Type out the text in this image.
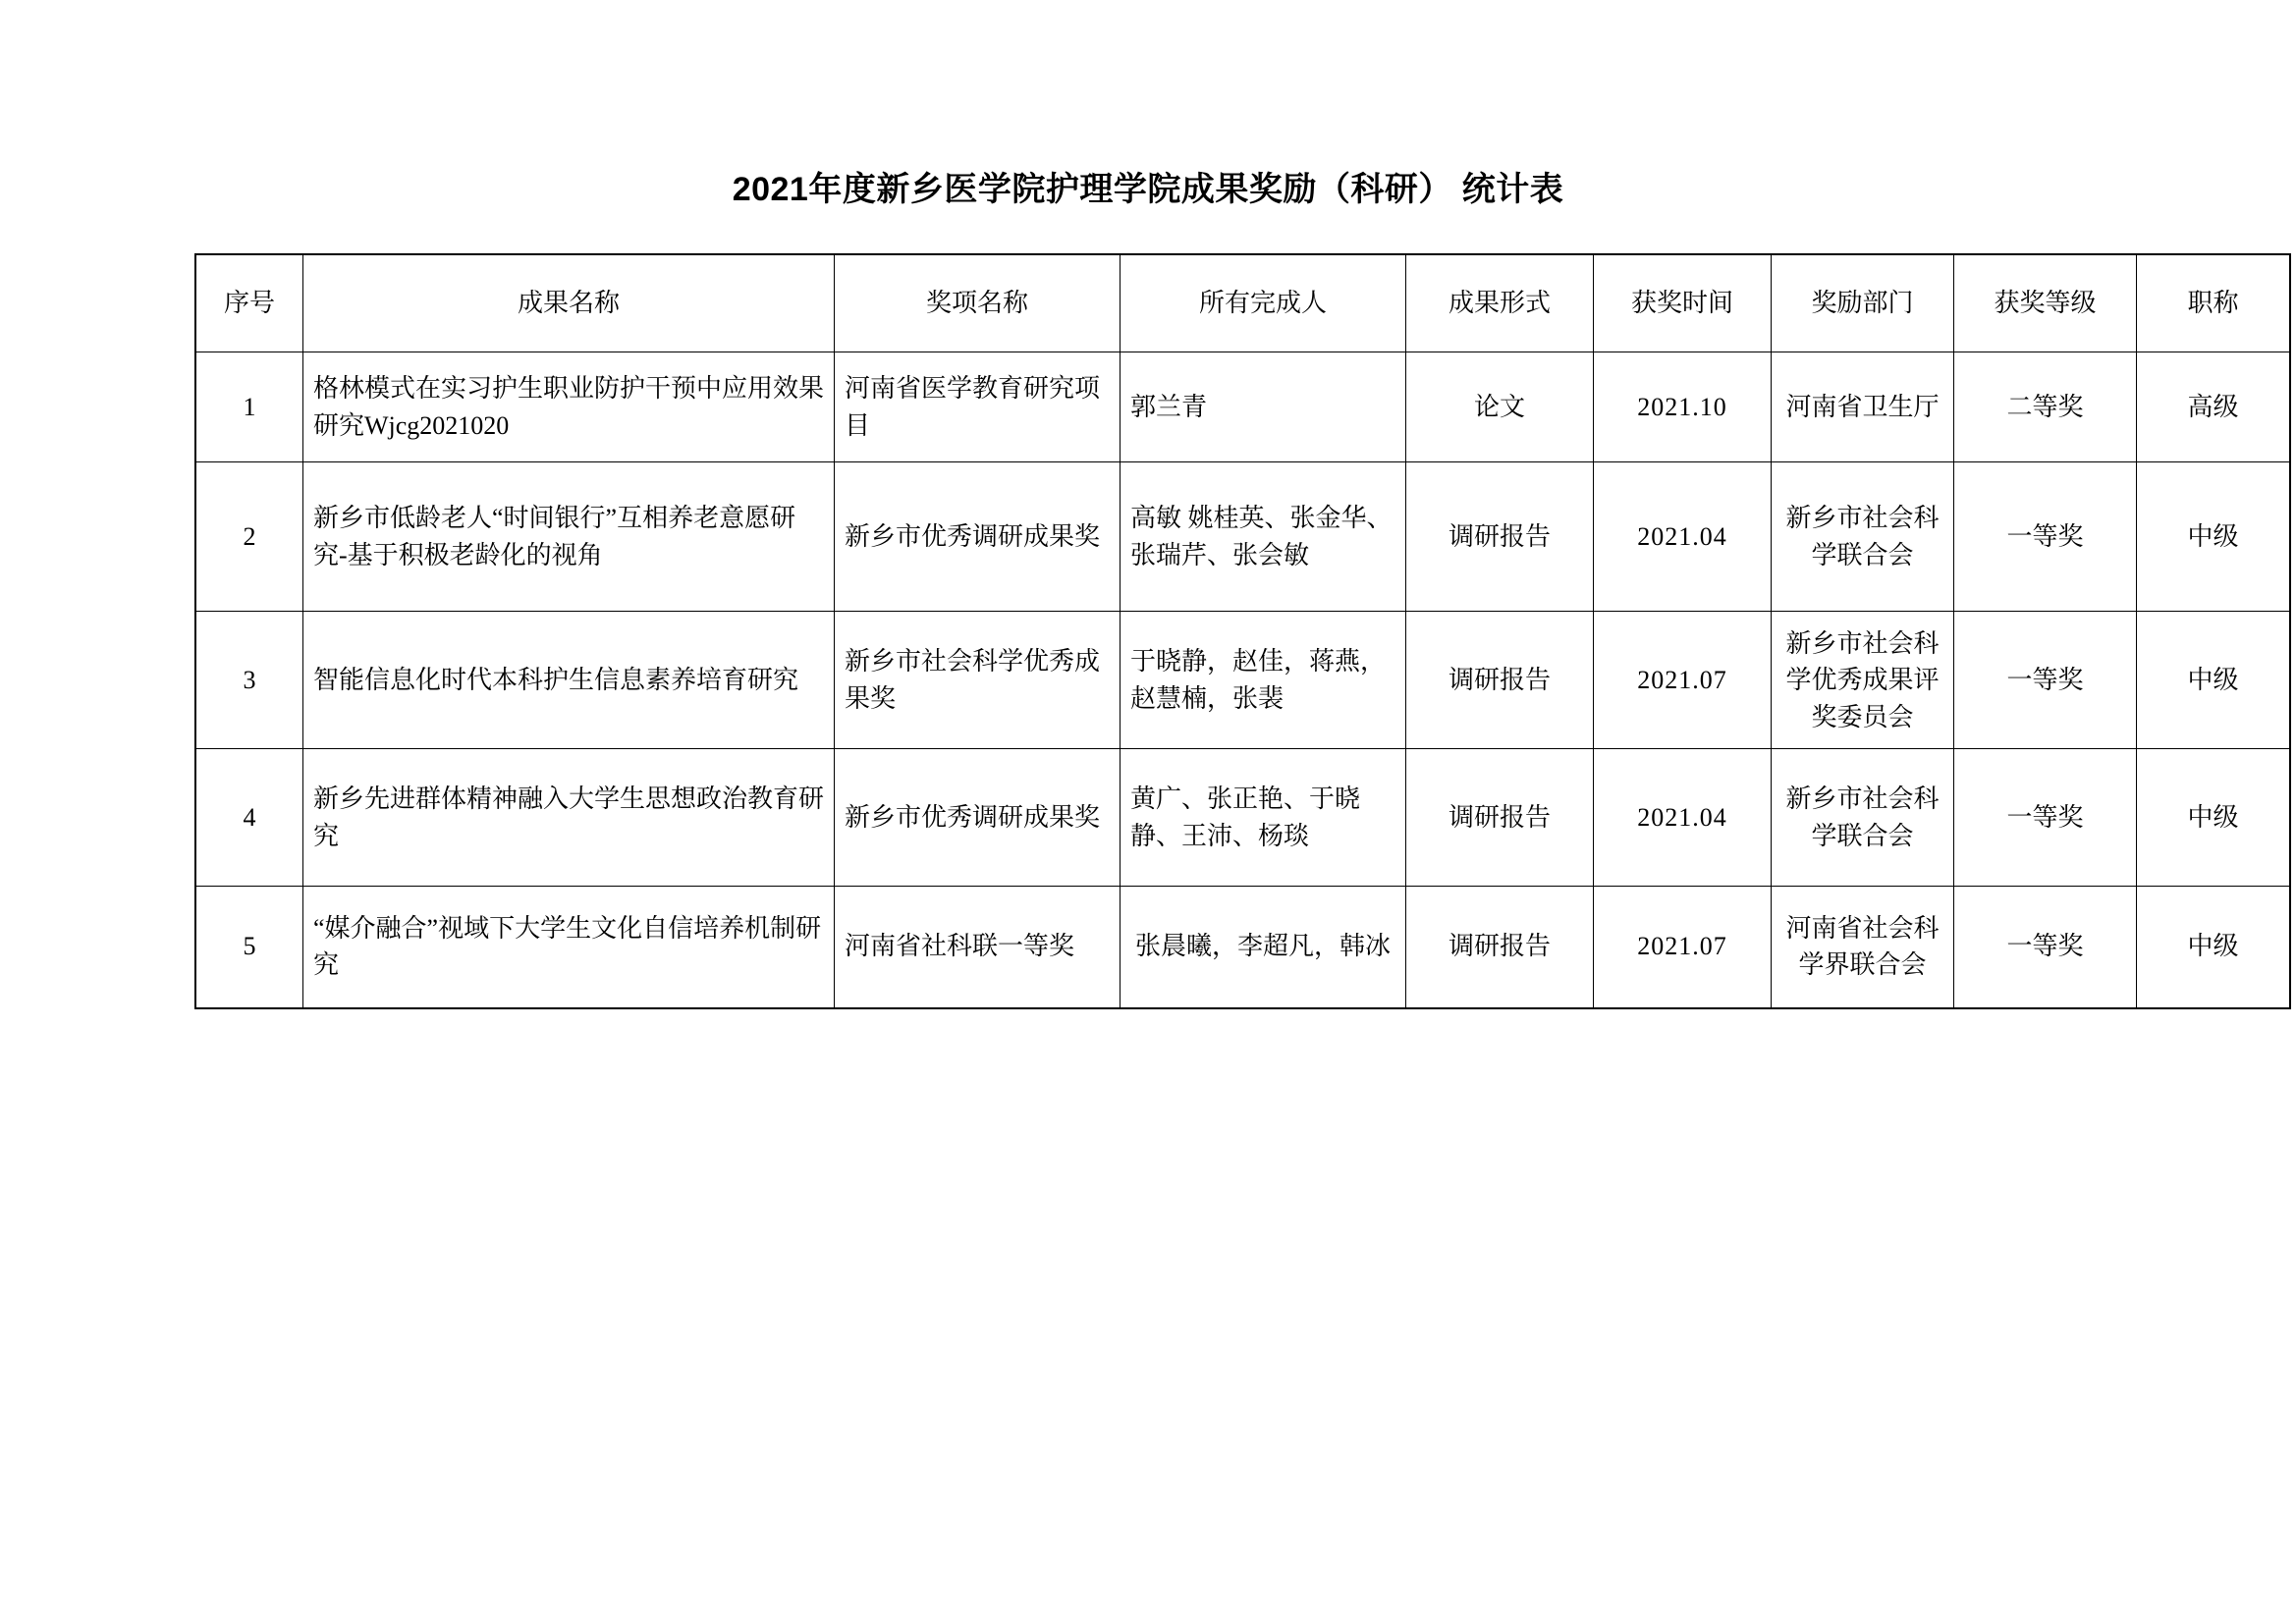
2021年度新乡医学院护理学院成果奖励（科研） 统计表
序号	成果名称	奖项名称	所有完成人	成果形式	获奖时间	奖励部门	获奖等级	职称
1	格林模式在实习护生职业防护干预中应用效果研究Wjcg2021020	河南省医学教育研究项目	郭兰青	论文	2021.10	河南省卫生厅	二等奖	高级
2	新乡市低龄老人“时间银行”互相养老意愿研究-基于积极老龄化的视角	新乡市优秀调研成果奖	高敏 姚桂英、张金华、张瑞芹、张会敏	调研报告	2021.04	新乡市社会科学联合会	一等奖	中级
3	智能信息化时代本科护生信息素养培育研究	新乡市社会科学优秀成果奖	于晓静，赵佳，蒋燕，赵慧楠，张裴	调研报告	2021.07	新乡市社会科学优秀成果评奖委员会	一等奖	中级
4	新乡先进群体精神融入大学生思想政治教育研究	新乡市优秀调研成果奖	黄广、张正艳、于晓静、王沛、杨琰	调研报告	2021.04	新乡市社会科学联合会	一等奖	中级
5	“媒介融合”视域下大学生文化自信培养机制研究	河南省社科联一等奖	张晨曦，李超凡，韩冰	调研报告	2021.07	河南省社会科学界联合会	一等奖	中级
